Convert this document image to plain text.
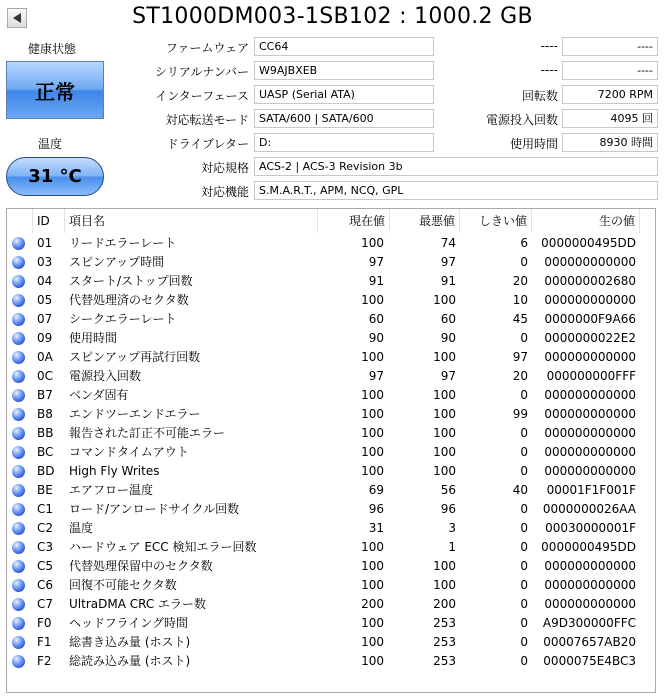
ST1000DM003-1SB102 : 1000.2 GB
健康状態
正常
温度
31 °C
ファームウェア CC64
シリアルナンバー W9AJBXEB
インターフェース UASP (Serial ATA)
対応転送モード SATA/600 | SATA/600
ドライブレター D:
対応規格 ACS-2 | ACS-3 Revision 3b
対応機能 S.M.A.R.T., APM, NCQ, GPL
----	----
----	----
回転数	7200 RPM
電源投入回数	4095 回
使用時間	8930 時間
ID	項目名	現在値	最悪値	しきい値	生の値
01	リードエラーレート	100	74	6	0000000495DD
03	スピンアップ時間	97	97	0	000000000000
04	スタート/ストップ回数	91	91	20	000000002680
05	代替処理済のセクタ数	100	100	10	000000000000
07	シークエラーレート	60	60	45	0000000F9A66
09	使用時間	90	90	0	0000000022E2
0A	スピンアップ再試行回数	100	100	97	000000000000
0C	電源投入回数	97	97	20	000000000FFF
B7	ベンダ固有	100	100	0	000000000000
B8	エンドツーエンドエラー	100	100	99	000000000000
BB	報告された訂正不可能エラー	100	100	0	000000000000
BC	コマンドタイムアウト	100	100	0	000000000000
BD	High Fly Writes	100	100	0	000000000000
BE	エアフロー温度	69	56	40	00001F1F001F
C1	ロード/アンロードサイクル回数	96	96	0	0000000026AA
C2	温度	31	3	0	00030000001F
C3	ハードウェア ECC 検知エラー回数	100	1	0	0000000495DD
C5	代替処理保留中のセクタ数	100	100	0	000000000000
C6	回復不可能セクタ数	100	100	0	000000000000
C7	UltraDMA CRC エラー数	200	200	0	000000000000
F0	ヘッドフライング時間	100	253	0	A9D300000FFC
F1	総書き込み量 (ホスト)	100	253	0	00007657AB20
F2	総読み込み量 (ホスト)	100	253	0	0000075E4BC3
